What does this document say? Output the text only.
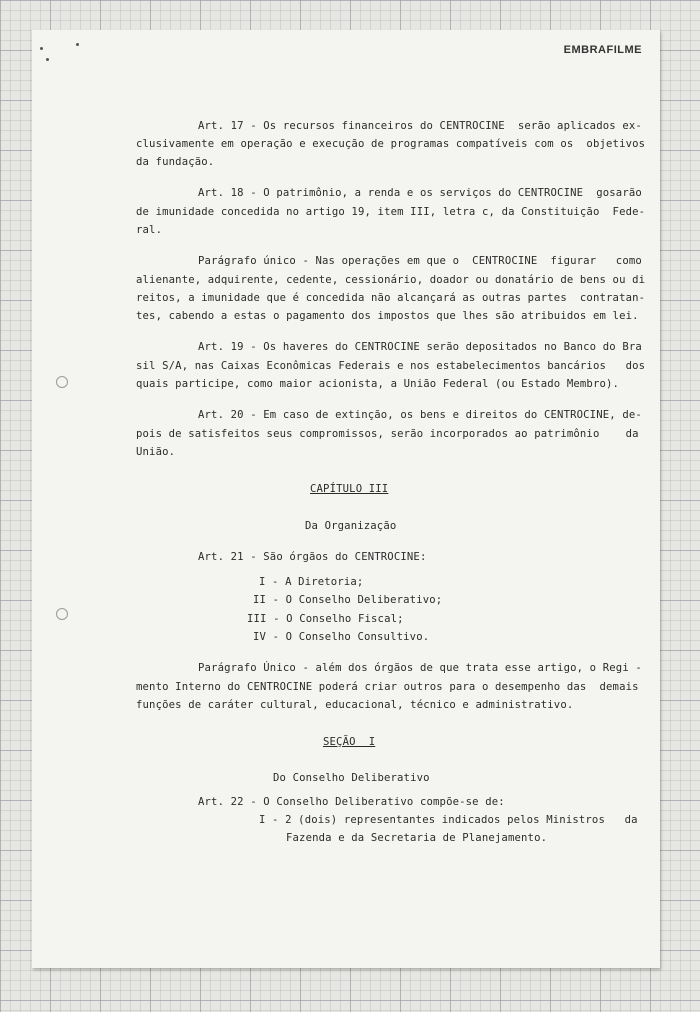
EMBRAFILME
Art. 17 - Os recursos financeiros do CENTROCINE  serão aplicados ex-
clusivamente em operação e execução de programas compatíveis com os  objetivos
da fundação.
Art. 18 - O patrimônio, a renda e os serviços do CENTROCINE  gosarão
de imunidade concedida no artigo 19, item III, letra c, da Constituição  Fede-
ral.
Parágrafo único - Nas operações em que o  CENTROCINE  figurar   como
alienante, adquirente, cedente, cessionário, doador ou donatário de bens ou di
reitos, a imunidade que é concedida não alcançará as outras partes  contratan-
tes, cabendo a estas o pagamento dos impostos que lhes são atribuidos em lei.
Art. 19 - Os haveres do CENTROCINE serão depositados no Banco do Bra
sil S/A, nas Caixas Econômicas Federais e nos estabelecimentos bancários   dos
quais participe, como maior acionista, a União Federal (ou Estado Membro).
Art. 20 - Em caso de extinção, os bens e direitos do CENTROCINE, de-
pois de satisfeitos seus compromissos, serão incorporados ao patrimônio    da
União.
CAPÍTULO III
Da Organização
Art. 21 - São órgãos do CENTROCINE:
I - A Diretoria;
II - O Conselho Deliberativo;
III - O Conselho Fiscal;
IV - O Conselho Consultivo.
Parágrafo Único - além dos órgãos de que trata esse artigo, o Regi -
mento Interno do CENTROCINE poderá criar outros para o desempenho das  demais
funções de caráter cultural, educacional, técnico e administrativo.
SEÇÃO  I
Do Conselho Deliberativo
Art. 22 - O Conselho Deliberativo compõe-se de:
I - 2 (dois) representantes indicados pelos Ministros   da
Fazenda e da Secretaria de Planejamento.
